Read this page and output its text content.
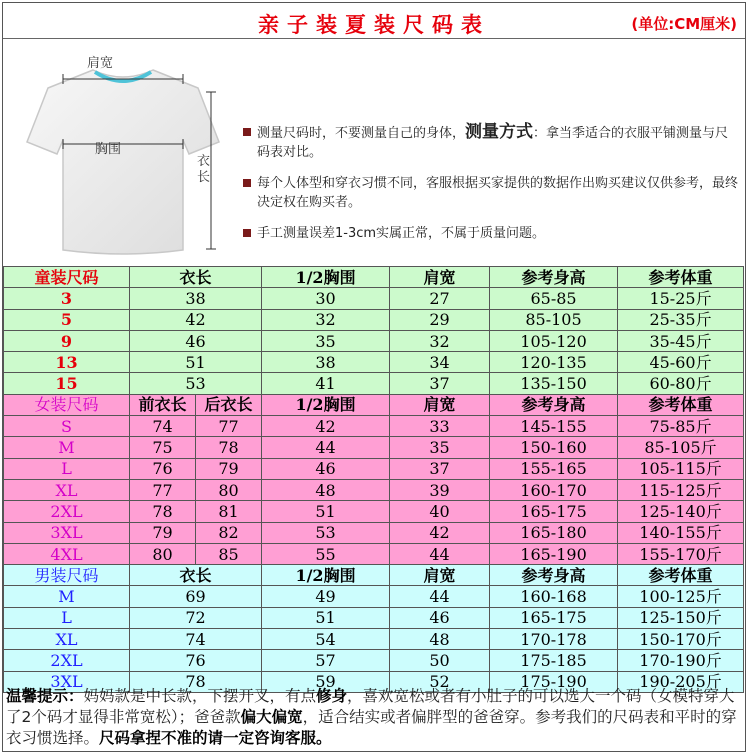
亲子装夏装尺码表	(单位:CM厘米)
肩宽
胸围
衣长
测量尺码时，不要测量自己的身体，测量方式：拿当季适合的衣服平铺测量与尺码表对比。
每个人体型和穿衣习惯不同，客服根据买家提供的数据作出购买建议仅供参考，最终决定权在购买者。
手工测量误差1-3cm实属正常，不属于质量问题。
童装尺码	衣长		1/2胸围	肩宽	参考身高	参考体重
3	38		30	27	65-85	15-25斤
5	42		32	29	85-105	25-35斤
9	46		35	32	105-120	35-45斤
13	51		38	34	120-135	45-60斤
15	53		41	37	135-150	60-80斤
女装尺码	前衣长	后衣长	1/2胸围	肩宽	参考身高	参考体重
S	74	77	42	33	145-155	75-85斤
M	75	78	44	35	150-160	85-105斤
L	76	79	46	37	155-165	105-115斤
XL	77	80	48	39	160-170	115-125斤
2XL	78	81	51	40	165-175	125-140斤
3XL	79	82	53	42	165-180	140-155斤
4XL	80	85	55	44	165-190	155-170斤
男装尺码	衣长		1/2胸围	肩宽	参考身高	参考体重
M	69		49	44	160-168	100-125斤
L	72		51	46	165-175	125-150斤
XL	74		54	48	170-178	150-170斤
2XL	76		57	50	175-185	170-190斤
3XL	78		59	52	175-190	190-205斤
温馨提示：妈妈款是中长款，下摆开叉，有点修身，喜欢宽松或者有小肚子的可以选大一个码（女模特穿大了2个码才显得非常宽松）；爸爸款偏大偏宽，适合结实或者偏胖型的爸爸穿。参考我们的尺码表和平时的穿衣习惯选择。尺码拿捏不准的请一定咨询客服。
